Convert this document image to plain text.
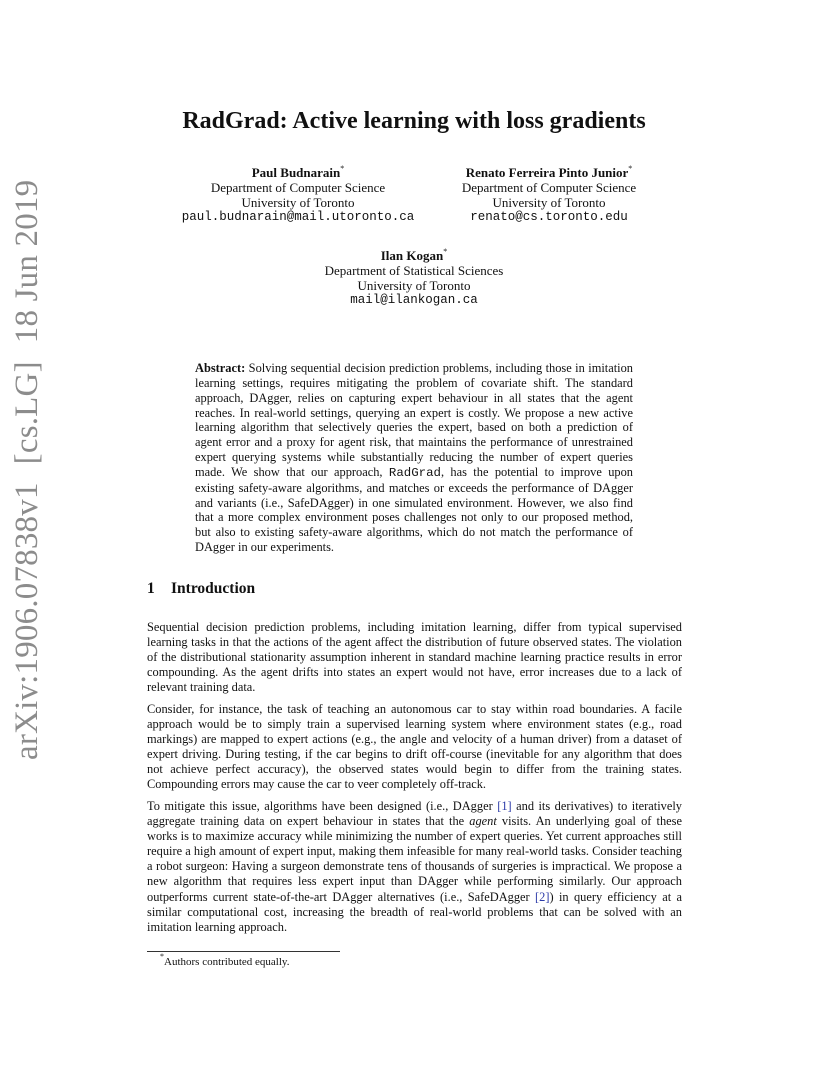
arXiv:1906.07838v1[cs.LG]18 Jun 2019
RadGrad: Active learning with loss gradients
Paul Budnarain*
Department of Computer Science
University of Toronto
paul.budnarain@mail.utoronto.ca
Renato Ferreira Pinto Junior*
Department of Computer Science
University of Toronto
renato@cs.toronto.edu
Ilan Kogan*
Department of Statistical Sciences
University of Toronto
mail@ilankogan.ca
Abstract: Solving sequential decision prediction problems, including those in imitation learning settings, requires mitigating the problem of covariate shift. The standard approach, DAgger, relies on capturing expert behaviour in all states that the agent reaches. In real-world settings, querying an expert is costly. We propose a new active learning algorithm that selectively queries the expert, based on both a prediction of agent error and a proxy for agent risk, that maintains the performance of unrestrained expert querying systems while substantially reducing the number of expert queries made. We show that our approach, RadGrad, has the potential to improve upon existing safety-aware algorithms, and matches or exceeds the performance of DAgger and variants (i.e., SafeDAgger) in one simulated environment. However, we also find that a more complex environment poses challenges not only to our proposed method, but also to existing safety-aware algorithms, which do not match the performance of DAgger in our experiments.
1 Introduction
Sequential decision prediction problems, including imitation learning, differ from typical supervised learning tasks in that the actions of the agent affect the distribution of future observed states. The violation of the distributional stationarity assumption inherent in standard machine learning practice results in error compounding. As the agent drifts into states an expert would not have, error increases due to a lack of relevant training data.
Consider, for instance, the task of teaching an autonomous car to stay within road boundaries. A facile approach would be to simply train a supervised learning system where environment states (e.g., road markings) are mapped to expert actions (e.g., the angle and velocity of a human driver) from a dataset of expert driving. During testing, if the car begins to drift off-course (inevitable for any algorithm that does not achieve perfect accuracy), the observed states would begin to differ from the training states. Compounding errors may cause the car to veer completely off-track.
To mitigate this issue, algorithms have been designed (i.e., DAgger [1] and its derivatives) to iteratively aggregate training data on expert behaviour in states that the agent visits. An underlying goal of these works is to maximize accuracy while minimizing the number of expert queries. Yet current approaches still require a high amount of expert input, making them infeasible for many real-world tasks. Consider teaching a robot surgeon: Having a surgeon demonstrate tens of thousands of surgeries is impractical. We propose a new algorithm that requires less expert input than DAgger while performing similarly. Our approach outperforms current state-of-the-art DAgger alternatives (i.e., SafeDAgger [2]) in query efficiency at a similar computational cost, increasing the breadth of real-world problems that can be solved with an imitation learning approach.
*Authors contributed equally.
